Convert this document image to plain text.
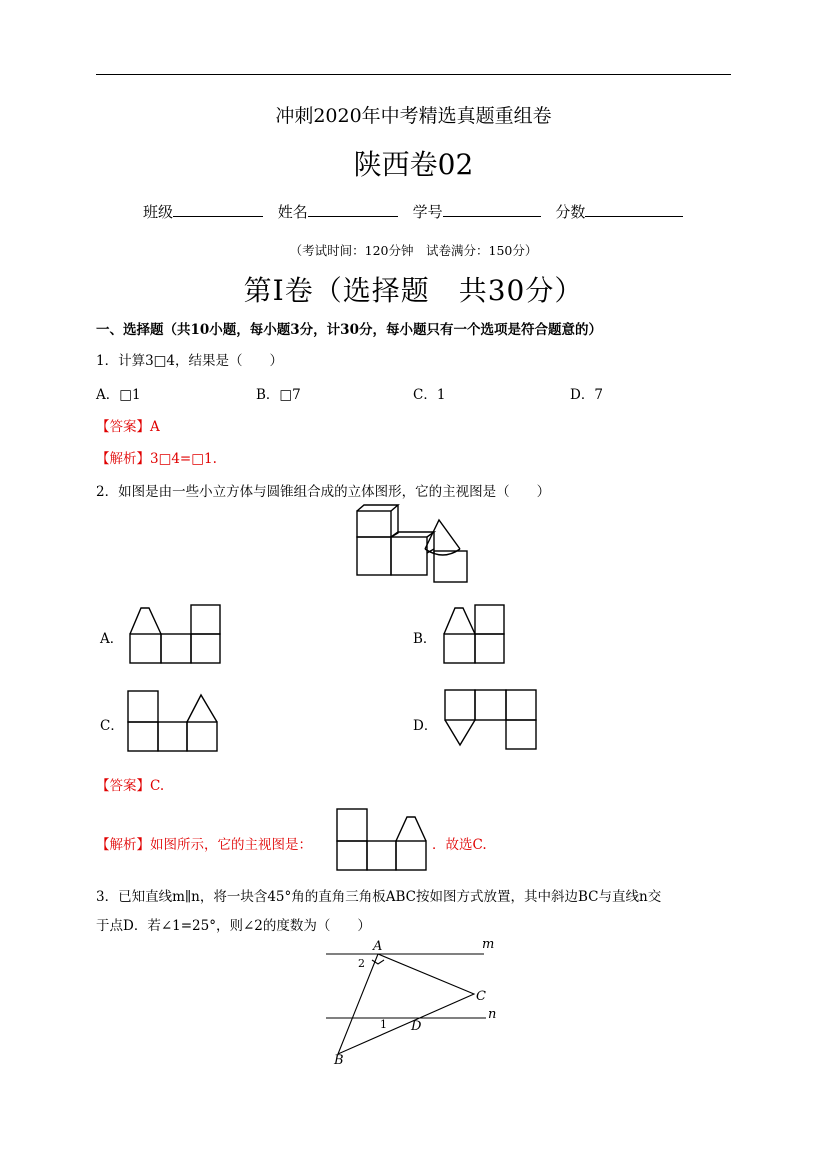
冲刺2020年中考精选真题重组卷
陕西卷02
班级	姓名	学号	分数
（考试时间：120分钟　试卷满分：150分）
第Ⅰ卷（选择题　共30分）
一、选择题（共10小题，每小题3分，计30分，每小题只有一个选项是符合题意的）
1．计算3□4，结果是（　　）
A．□1	B．□7	C．1	D．7
【答案】A
【解析】3□4=□1.
2．如图是由一些小立方体与圆锥组合成的立体图形，它的主视图是（　　）
A．	B．
C．	D．
【答案】C.
【解析】如图所示，它的主视图是：	．故选C.
3．已知直线m∥n，将一块含45°角的直角三角板ABC按如图方式放置，其中斜边BC与直线n交
于点D．若∠1=25°，则∠2的度数为（　　）
A
B
C
D
m
n
1
2
